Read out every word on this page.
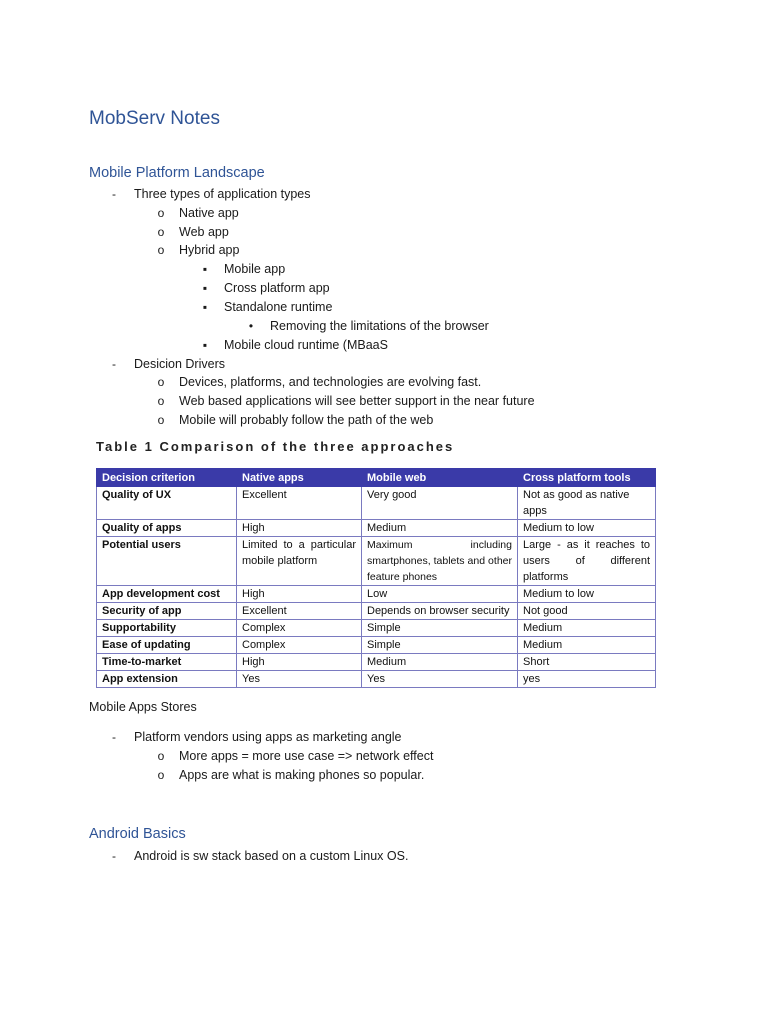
MobServ Notes
Mobile Platform Landscape
-	Three types of application types
o Native app
o Web app
o Hybrid app
▪	Mobile app
▪	Cross platform app
▪	Standalone runtime
•	Removing the limitations of the browser
▪	Mobile cloud runtime (MBaaS
-	Desicion Drivers
o Devices, platforms, and technologies are evolving fast.
o Web based applications will see better support in the near future
o Mobile will probably follow the path of the web
Table 1 Comparison of the three approaches
Decision criterion	Native apps	Mobile web	Cross platform tools
Quality of UX	Excellent	Very good	Not as good as native apps
Quality of apps	High	Medium	Medium to low
Potential users	Limited to a particular mobile platform	Maximum including smartphones, tablets and other feature phones	Large - as it reaches to users of different platforms
App development cost	High	Low	Medium to low
Security of app	Excellent	Depends on browser security	Not good
Supportability	Complex	Simple	Medium
Ease of updating	Complex	Simple	Medium
Time-to-market	High	Medium	Short
App extension	Yes	Yes	yes
Mobile Apps Stores
-	Platform vendors using apps as marketing angle
o More apps = more use case => network effect
o Apps are what is making phones so popular.
Android Basics
-	Android is sw stack based on a custom Linux OS.
